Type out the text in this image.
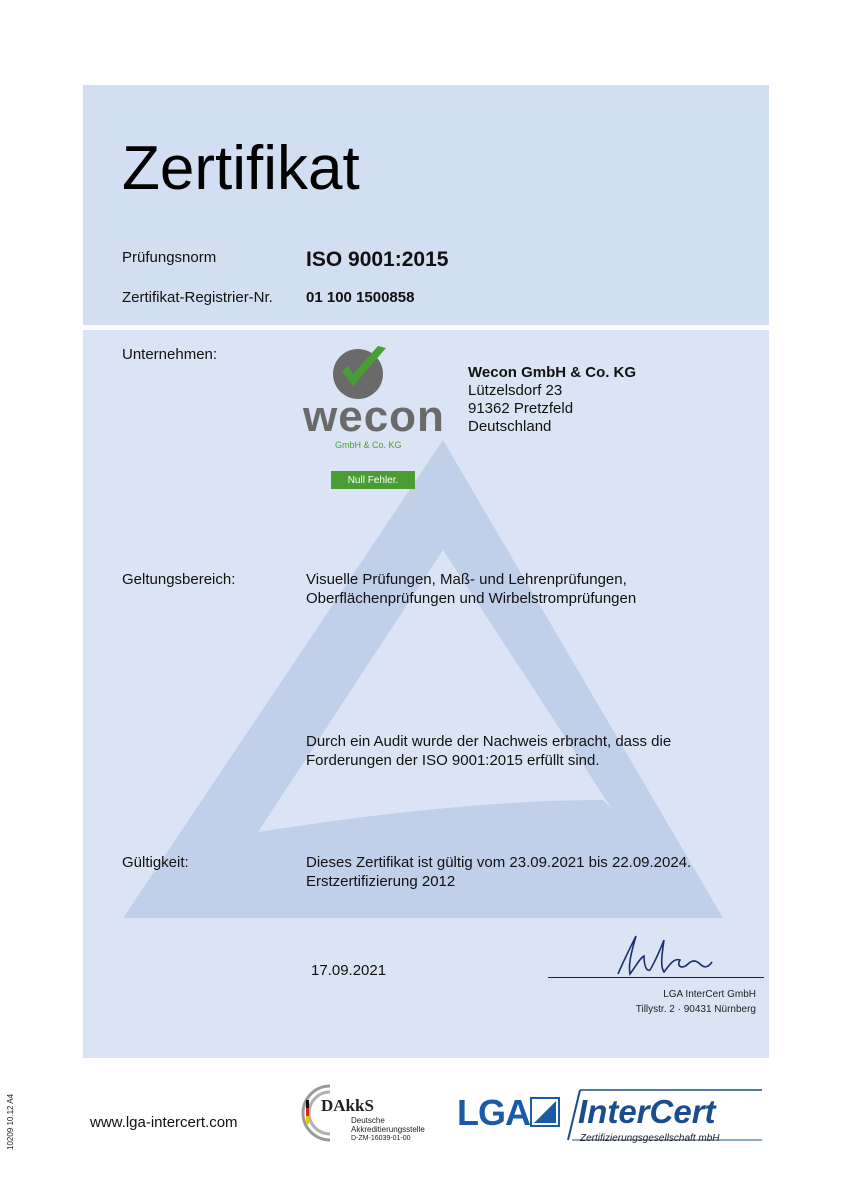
Zertifikat
Prüfungsnorm	ISO 9001:2015
Zertifikat-Registrier-Nr. 01 100 1500858
Unternehmen:
wecon
GmbH & Co. KG
Null Fehler.
Wecon GmbH & Co. KG
Lützelsdorf 23
91362 Pretzfeld
Deutschland
Geltungsbereich:	Visuelle Prüfungen, Maß- und Lehrenprüfungen,
Oberflächenprüfungen und Wirbelstromprüfungen
Durch ein Audit wurde der Nachweis erbracht, dass die
Forderungen der ISO 9001:2015 erfüllt sind.
Gültigkeit:	Dieses Zertifikat ist gültig vom 23.09.2021 bis 22.09.2024.
Erstzertifizierung 2012
17.09.2021
LGA InterCert GmbH
Tillystr. 2 · 90431 Nürnberg
www.lga-intercert.com
10209 10.12 A4	DAkkS
Deutsche
Akkreditierungsstelle
D-ZM-16039-01-00
LGA InterCert
Zertifizierungsgesellschaft mbH
